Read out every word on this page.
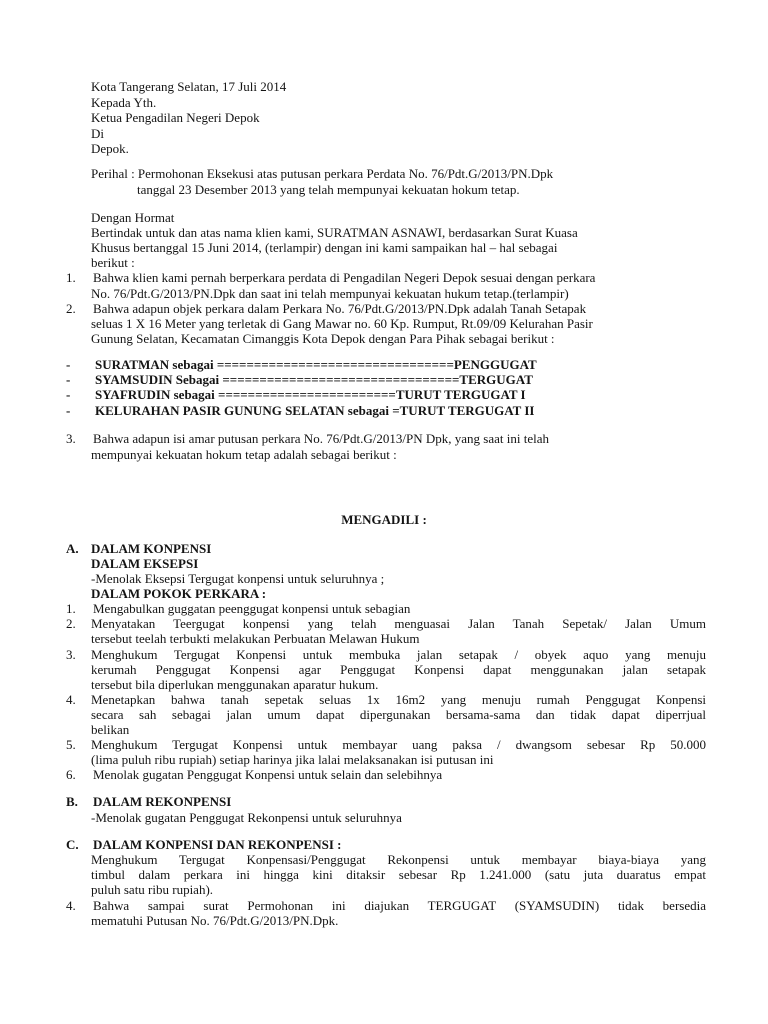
Kota Tangerang Selatan, 17 Juli 2014
Kepada Yth.
Ketua Pengadilan Negeri Depok
Di
Depok.
Perihal : Permohonan Eksekusi atas putusan perkara Perdata No. 76/Pdt.G/2013/PN.Dpk
tanggal 23 Desember 2013 yang telah mempunyai kekuatan hokum tetap.
Dengan Hormat
Bertindak untuk dan atas nama klien kami, SURATMAN ASNAWI, berdasarkan Surat Kuasa
Khusus bertanggal 15 Juni 2014, (terlampir) dengan ini kami sampaikan hal – hal sebagai
berikut :
1. Bahwa klien kami pernah berperkara perdata di Pengadilan Negeri Depok sesuai dengan perkara
No. 76/Pdt.G/2013/PN.Dpk dan saat ini telah mempunyai kekuatan hukum tetap.(terlampir)
2. Bahwa adapun objek perkara dalam Perkara No. 76/Pdt.G/2013/PN.Dpk adalah Tanah Setapak
seluas 1 X 16 Meter yang terletak di Gang Mawar no. 60 Kp. Rumput, Rt.09/09 Kelurahan Pasir
Gunung Selatan, Kecamatan Cimanggis Kota Depok dengan Para Pihak sebagai berikut :
- SURATMAN sebagai ================================PENGGUGAT
- SYAMSUDIN Sebagai ================================TERGUGAT
- SYAFRUDIN sebagai ========================TURUT TERGUGAT I
- KELURAHAN PASIR GUNUNG SELATAN sebagai =TURUT TERGUGAT II
3. Bahwa adapun isi amar putusan perkara No. 76/Pdt.G/2013/PN Dpk, yang saat ini telah
mempunyai kekuatan hokum tetap adalah sebagai berikut :
MENGADILI :
A. DALAM KONPENSI
DALAM EKSEPSI
-Menolak Eksepsi Tergugat konpensi untuk seluruhnya ;
DALAM POKOK PERKARA :
1. Mengabulkan guggatan peenggugat konpensi untuk sebagian
2. Menyatakan Teergugat konpensi yang telah menguasai Jalan Tanah Sepetak/ Jalan Umum
tersebut teelah terbukti melakukan Perbuatan Melawan Hukum
3. Menghukum Tergugat Konpensi untuk membuka jalan setapak / obyek aquo yang menuju
kerumah Penggugat Konpensi agar Penggugat Konpensi dapat menggunakan jalan setapak
tersebut bila diperlukan menggunakan aparatur hukum.
4. Menetapkan bahwa tanah sepetak seluas 1x 16m2 yang menuju rumah Penggugat Konpensi
secara sah sebagai jalan umum dapat dipergunakan bersama-sama dan tidak dapat diperrjual
belikan
5. Menghukum Tergugat Konpensi untuk membayar uang paksa / dwangsom sebesar Rp 50.000
(lima puluh ribu rupiah) setiap harinya jika lalai melaksanakan isi putusan ini
6. Menolak gugatan Penggugat Konpensi untuk selain dan selebihnya
B. DALAM REKONPENSI
-Menolak gugatan Penggugat Rekonpensi untuk seluruhnya
C. DALAM KONPENSI DAN REKONPENSI :
Menghukum Tergugat Konpensasi/Penggugat Rekonpensi untuk membayar biaya-biaya yang
timbul dalam perkara ini hingga kini ditaksir sebesar Rp 1.241.000 (satu juta duaratus empat
puluh satu ribu rupiah).
4. Bahwa sampai surat Permohonan ini diajukan TERGUGAT (SYAMSUDIN) tidak bersedia
mematuhi Putusan No. 76/Pdt.G/2013/PN.Dpk.
